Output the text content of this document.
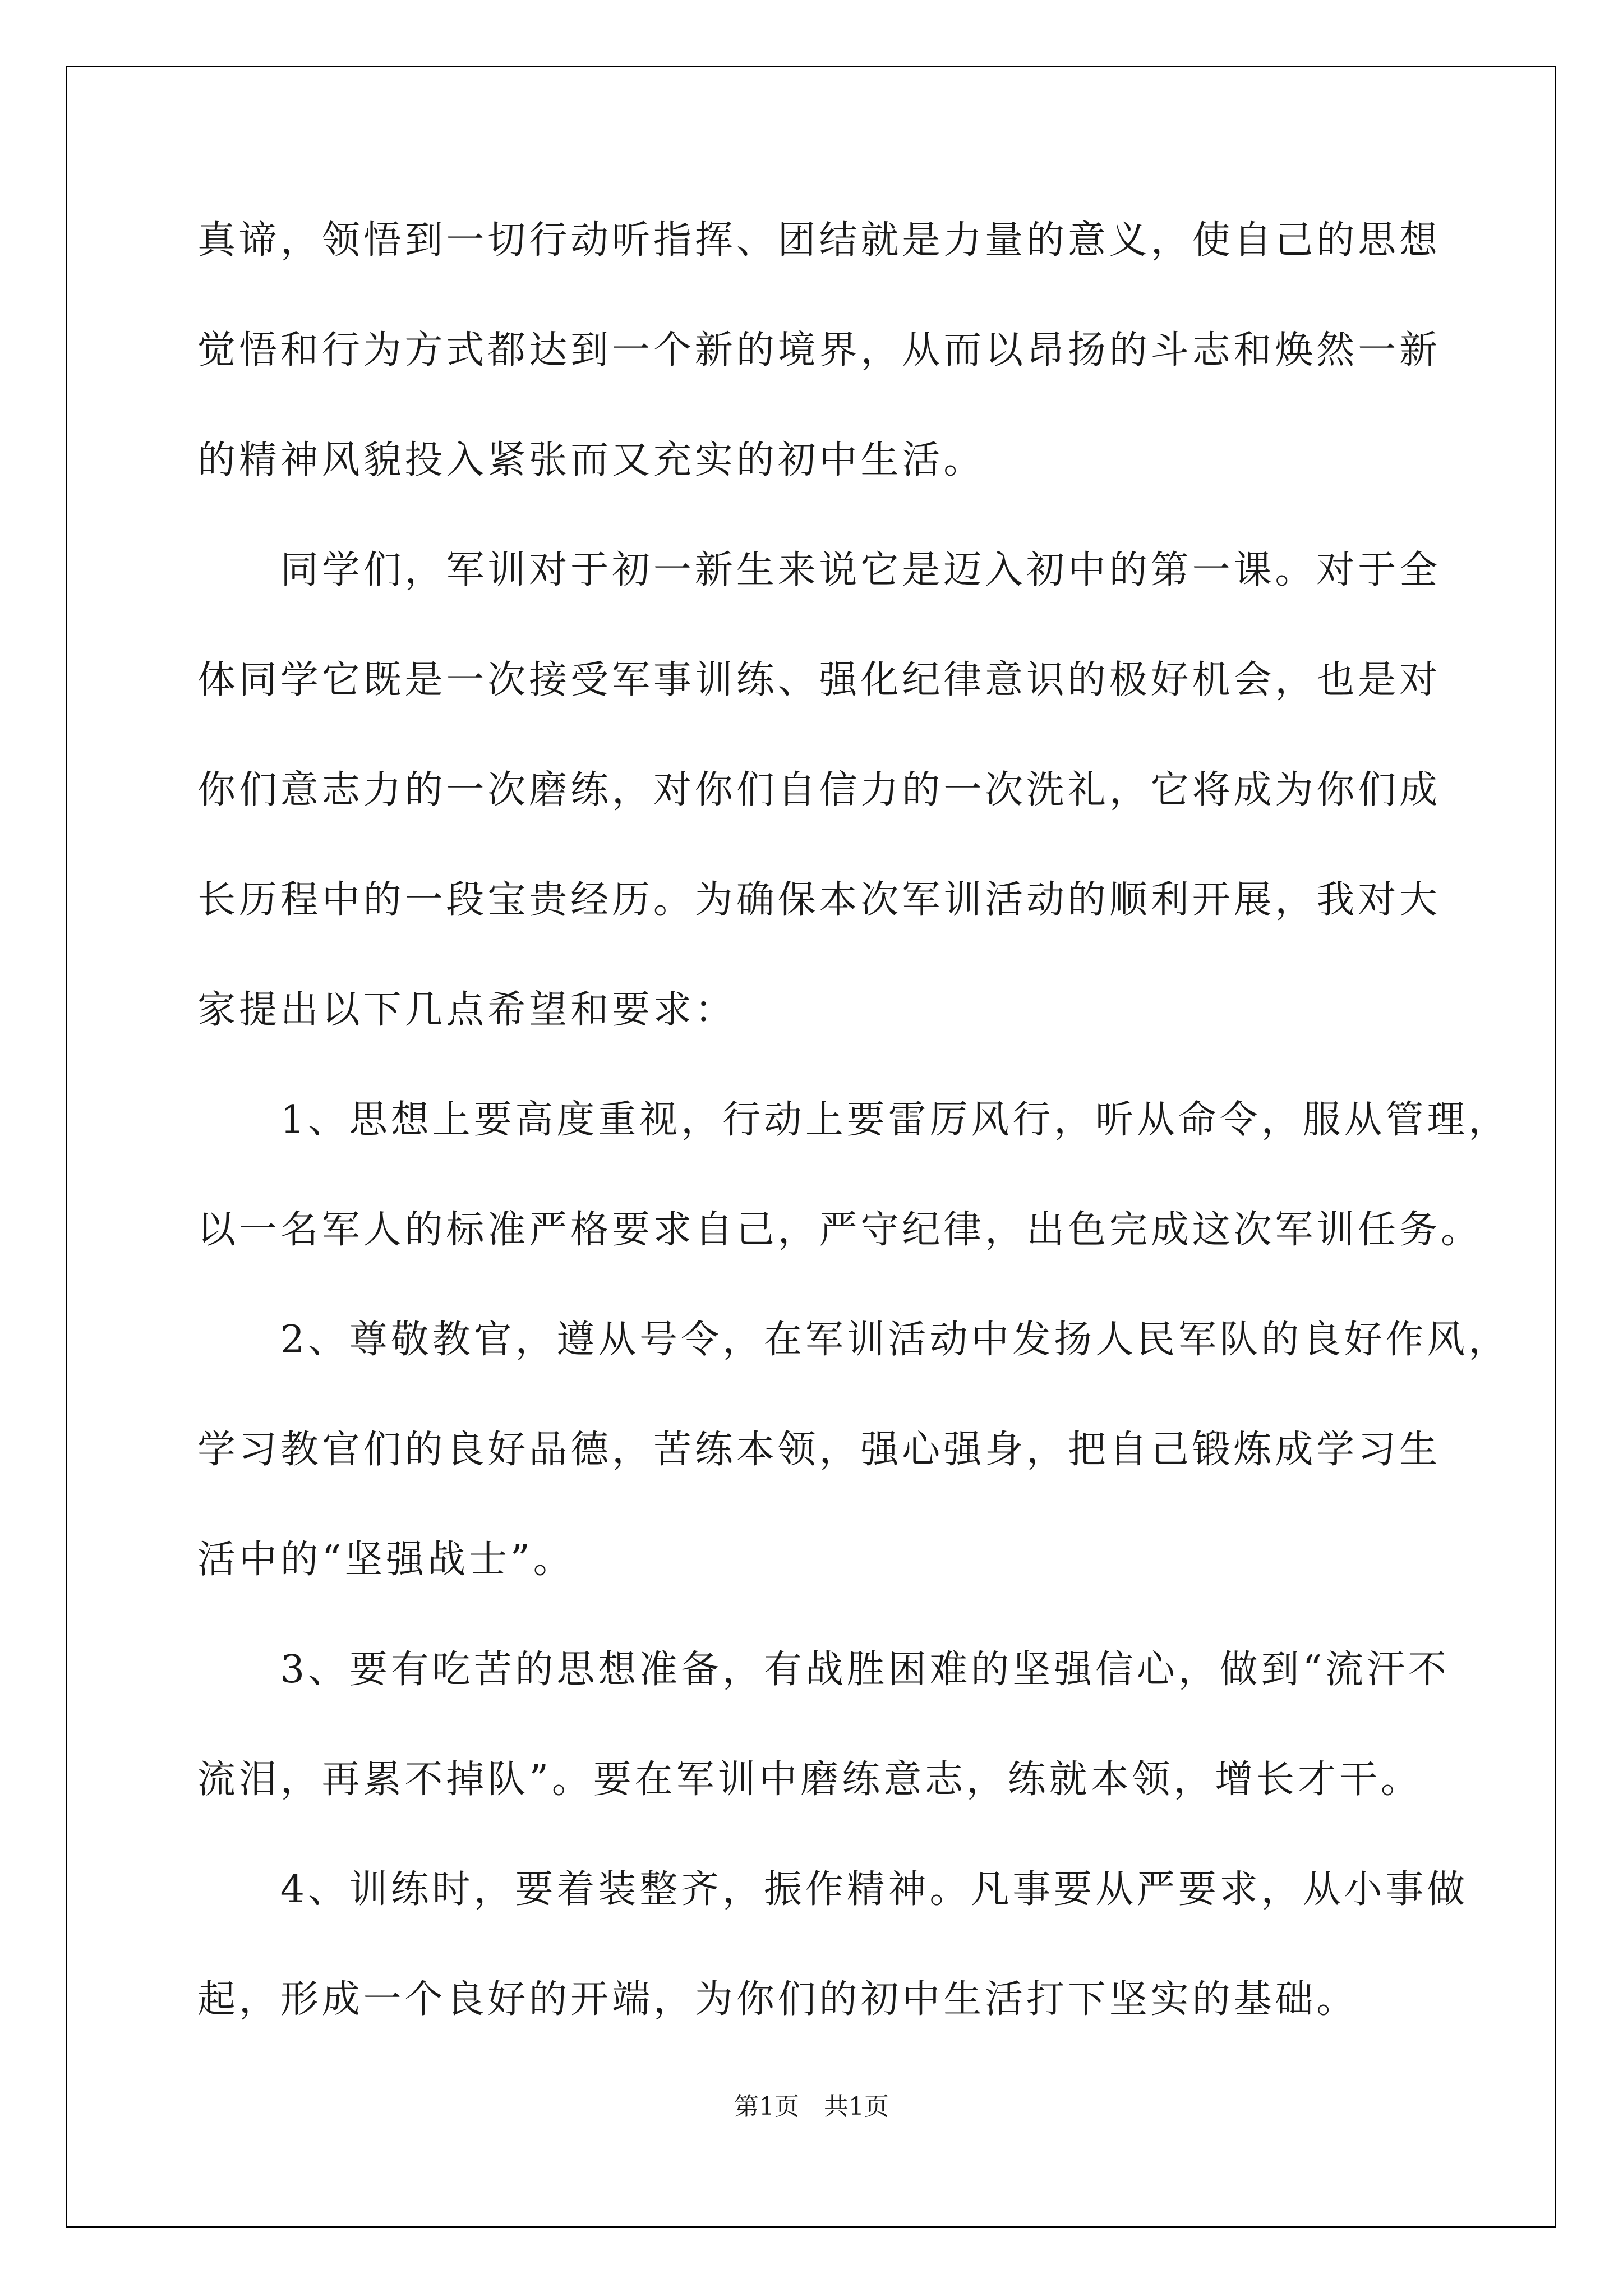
真谛，领悟到一切行动听指挥、团结就是力量的意义，使自己的思想
觉悟和行为方式都达到一个新的境界，从而以昂扬的斗志和焕然一新
的精神风貌投入紧张而又充实的初中生活。
　　同学们，军训对于初一新生来说它是迈入初中的第一课。对于全
体同学它既是一次接受军事训练、强化纪律意识的极好机会，也是对
你们意志力的一次磨练，对你们自信力的一次洗礼，它将成为你们成
长历程中的一段宝贵经历。为确保本次军训活动的顺利开展，我对大
家提出以下几点希望和要求：
　　1、思想上要高度重视，行动上要雷厉风行，听从命令，服从管理，
以一名军人的标准严格要求自己，严守纪律，出色完成这次军训任务。
　　2、尊敬教官，遵从号令，在军训活动中发扬人民军队的良好作风，
学习教官们的良好品德，苦练本领，强心强身，把自己锻炼成学习生
活中的“坚强战士”。
　　3、要有吃苦的思想准备，有战胜困难的坚强信心，做到“流汗不
流泪，再累不掉队”。要在军训中磨练意志，练就本领，增长才干。
　　4、训练时，要着装整齐，振作精神。凡事要从严要求，从小事做
起，形成一个良好的开端，为你们的初中生活打下坚实的基础。
第1页　共1页
